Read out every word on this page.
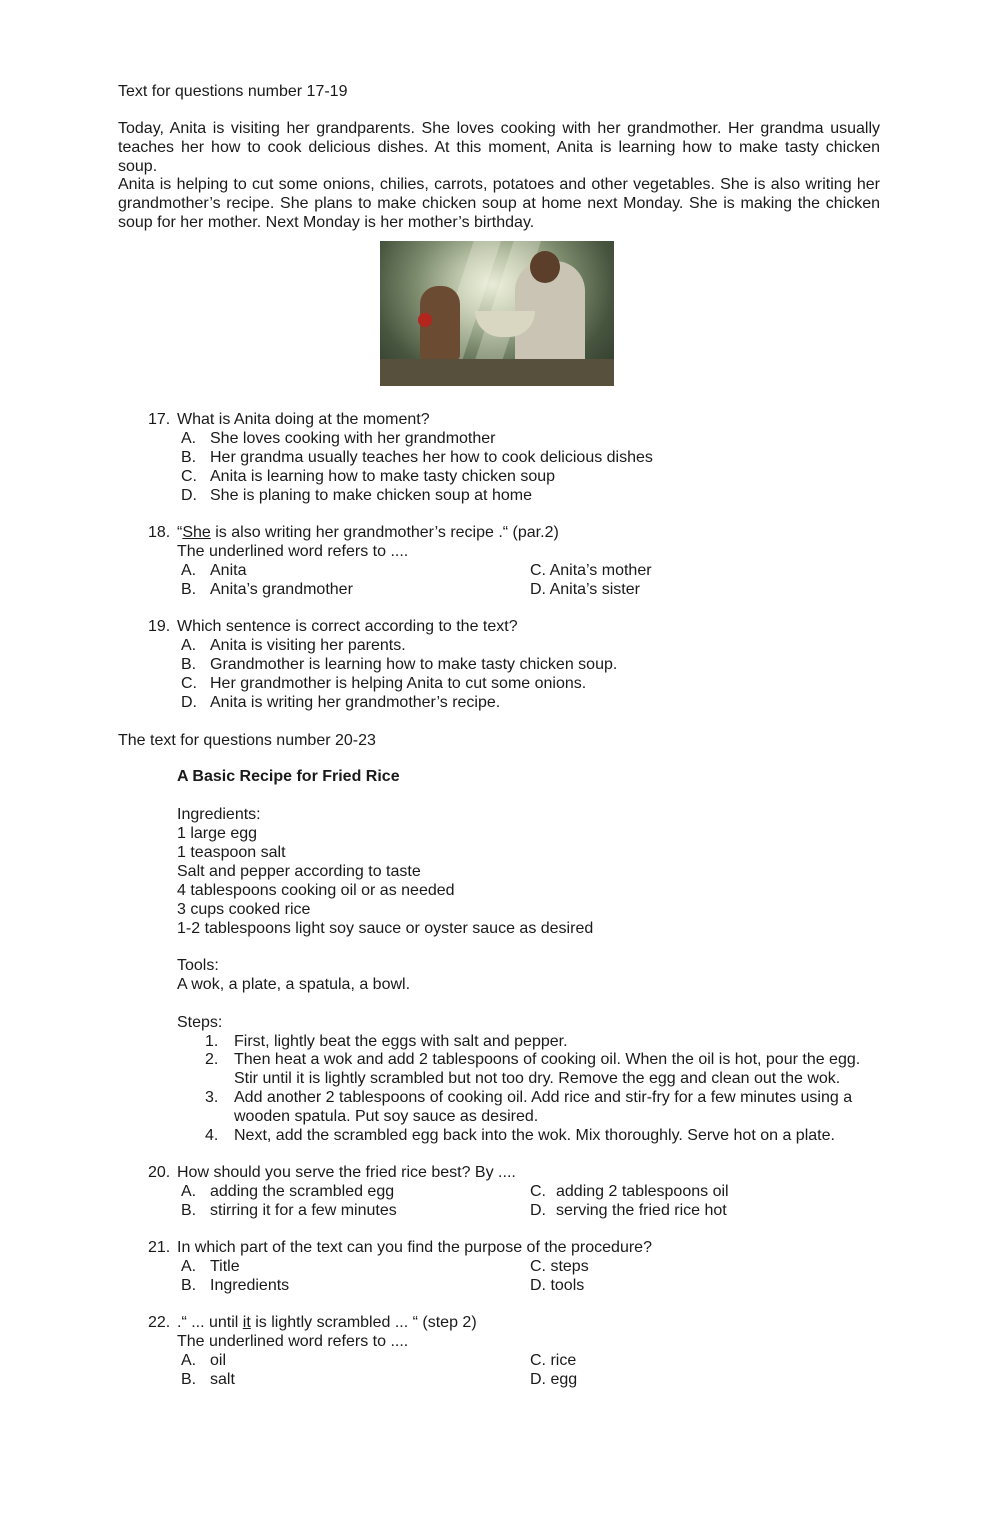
Text for questions number 17-19
Today, Anita is visiting her grandparents. She loves cooking with her grandmother. Her grandma usually teaches her how to cook delicious dishes. At this moment, Anita is learning how to make tasty chicken soup.
Anita is helping to cut some onions, chilies, carrots, potatoes and other vegetables. She is also writing her grandmother’s recipe. She plans to make chicken soup at home next Monday. She is making the chicken soup for her mother. Next Monday is her mother’s birthday.
17. What is Anita doing at the moment?
A. She loves cooking with her grandmother
B. Her grandma usually teaches her how to cook delicious dishes
C. Anita is learning how to make tasty chicken soup
D. She is planing to make chicken soup at home
18. “She is also writing her grandmother’s recipe .“ (par.2)
The underlined word refers to ....
A. Anita
B. Anita’s grandmother
C. Anita’s mother
D. Anita’s sister
19. Which sentence is correct according to the text?
A. Anita is visiting her parents.
B. Grandmother is learning how to make tasty chicken soup.
C. Her grandmother is helping Anita to cut some onions.
D. Anita is writing her grandmother’s recipe.
The text for questions number 20-23
A Basic Recipe for Fried Rice
Ingredients:
1 large egg
1 teaspoon salt
Salt and pepper according to taste
4 tablespoons cooking oil or as needed
3 cups cooked rice
1-2 tablespoons light soy sauce or oyster sauce as desired
Tools:
A wok, a plate, a spatula, a bowl.
Steps:
1. First, lightly beat the eggs with salt and pepper.
2. Then heat a wok and add 2 tablespoons of cooking oil. When the oil is hot, pour the egg.
Stir until it is lightly scrambled but not too dry. Remove the egg and clean out the wok.
3. Add another 2 tablespoons of cooking oil. Add rice and stir-fry for a few minutes using a
wooden spatula. Put soy sauce as desired.
4. Next, add the scrambled egg back into the wok. Mix thoroughly. Serve hot on a plate.
20. How should you serve the fried rice best? By ....
A. adding the scrambled egg
B. stirring it for a few minutes
C. adding 2 tablespoons oil
D. serving the fried rice hot
21. In which part of the text can you find the purpose of the procedure?
A. Title
B. Ingredients
C. steps
D. tools
22. .“ ... until it is lightly scrambled ... “ (step 2)
The underlined word refers to ....
A. oil
B. salt
C. rice
D. egg
